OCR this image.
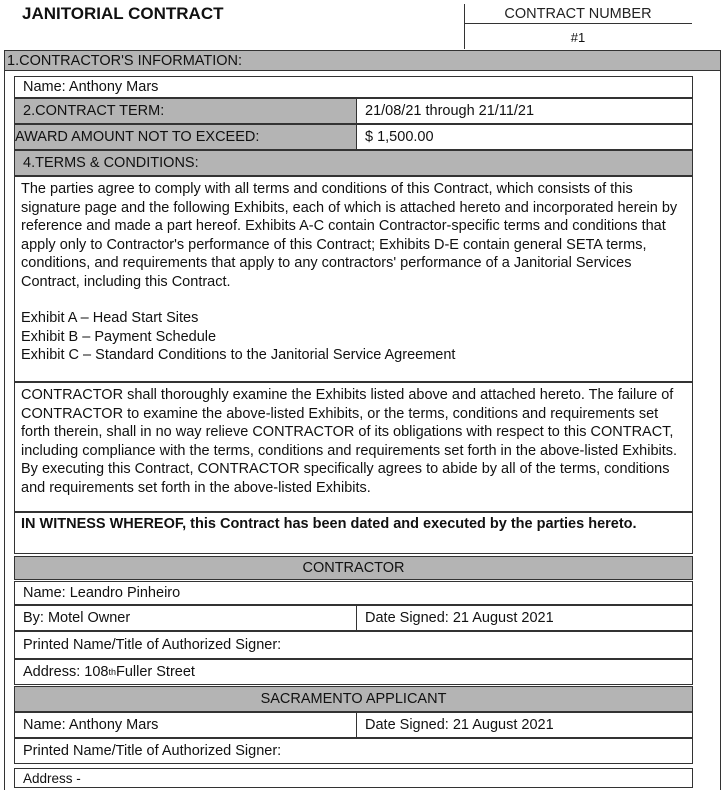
JANITORIAL CONTRACT	CONTRACT NUMBER
#1
1.CONTRACTOR'S INFORMATION:
Name: Anthony Mars
2.CONTRACT TERM:	21/08/21 through 21/11/21
AWARD AMOUNT NOT TO EXCEED:	$ 1,500.00
4.TERMS & CONDITIONS:
The parties agree to comply with all terms and conditions of this Contract, which consists of this signature page and the following Exhibits, each of which is attached hereto and incorporated herein by reference and made a part hereof. Exhibits A-C contain Contractor-specific terms and conditions that apply only to Contractor's performance of this Contract; Exhibits D-E contain general SETA terms, conditions, and requirements that apply to any contractors' performance of a Janitorial Services Contract, including this Contract.
Exhibit A – Head Start Sites
Exhibit B – Payment Schedule
Exhibit C – Standard Conditions to the Janitorial Service Agreement
CONTRACTOR shall thoroughly examine the Exhibits listed above and attached hereto. The failure of CONTRACTOR to examine the above-listed Exhibits, or the terms, conditions and requirements set forth therein, shall in no way relieve CONTRACTOR of its obligations with respect to this CONTRACT, including compliance with the terms, conditions and requirements set forth in the above-listed Exhibits. By executing this Contract, CONTRACTOR specifically agrees to abide by all of the terms, conditions and requirements set forth in the above-listed Exhibits.
IN WITNESS WHEREOF, this Contract has been dated and executed by the parties hereto.
CONTRACTOR
Name: Leandro Pinheiro
By: Motel Owner	Date Signed: 21 August 2021
Printed Name/Title of Authorized Signer:
Address: 108 th Fuller Street
SACRAMENTO APPLICANT
Name: Anthony Mars	Date Signed: 21 August 2021
Printed Name/Title of Authorized Signer:
Address -
